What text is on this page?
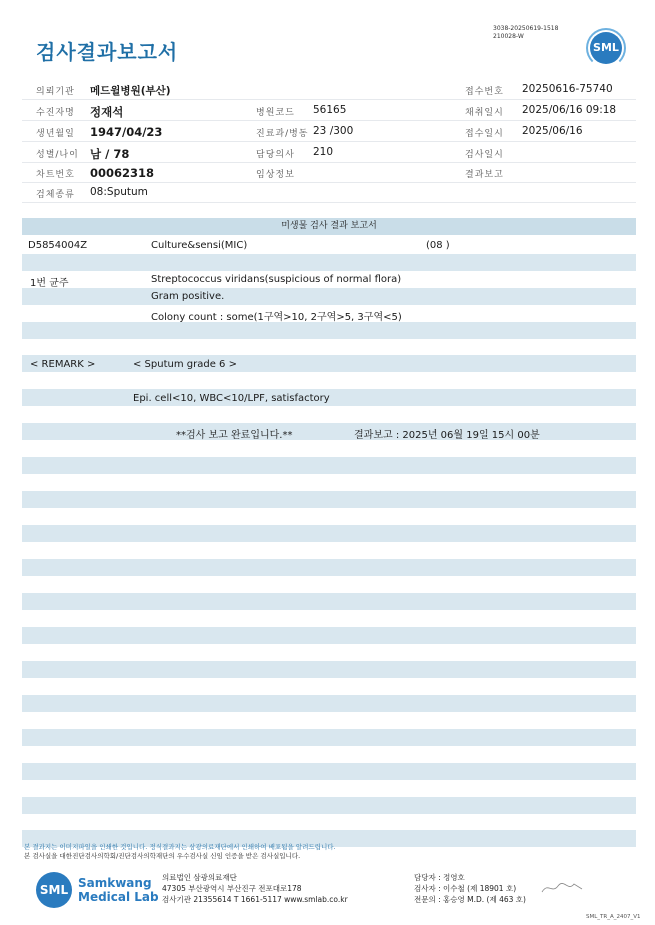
검사결과보고서
3038-20250619-1518
210028-W
SML
의뢰기관 메드윌병원(부산)	접수번호 20250616-75740
수진자명 정재석	병원코드 56165	채취일시 2025/06/16 09:18
생년월일 1947/04/23	진료과/병동 23 /300	접수일시 2025/06/16
성별/나이 남 / 78	담당의사 210	검사일시
차트번호 00062318	임상정보	결과보고
검체종류 08:Sputum
미생물 검사 결과 보고서
D5854004Z	Culture&sensi(MIC)	(08 )
1번 균주	Streptococcus viridans(suspicious of normal flora)
Gram positive.
Colony count : some(1구역>10, 2구역>5, 3구역<5)
< REMARK >	< Sputum grade 6 >
Epi. cell<10, WBC<10/LPF, satisfactory
**검사 보고 완료입니다.**	결과보고 : 2025년 06월 19일 15시 00분
본 결과지는 이미지파일을 인쇄한 것입니다. 정식결과지는 삼광의료재단에서 인쇄하여 배포됨을 알려드립니다.
본 검사실을 대한진단검사의학회/진단검사의학재단의 우수검사실 신임 인증을 받은 검사실입니다.
SML Samkwang
Medical Lab
의료법인 삼광의료재단
47305 부산광역시 부산진구 전포대로178
검사기관 21355614 T 1661-5117 www.smlab.co.kr
담당자 : 정영호
검사자 : 이수철 (제 18901 호)
전문의 : 홍승영 M.D. (제 463 호)
SML_TR_A_2407_V1
